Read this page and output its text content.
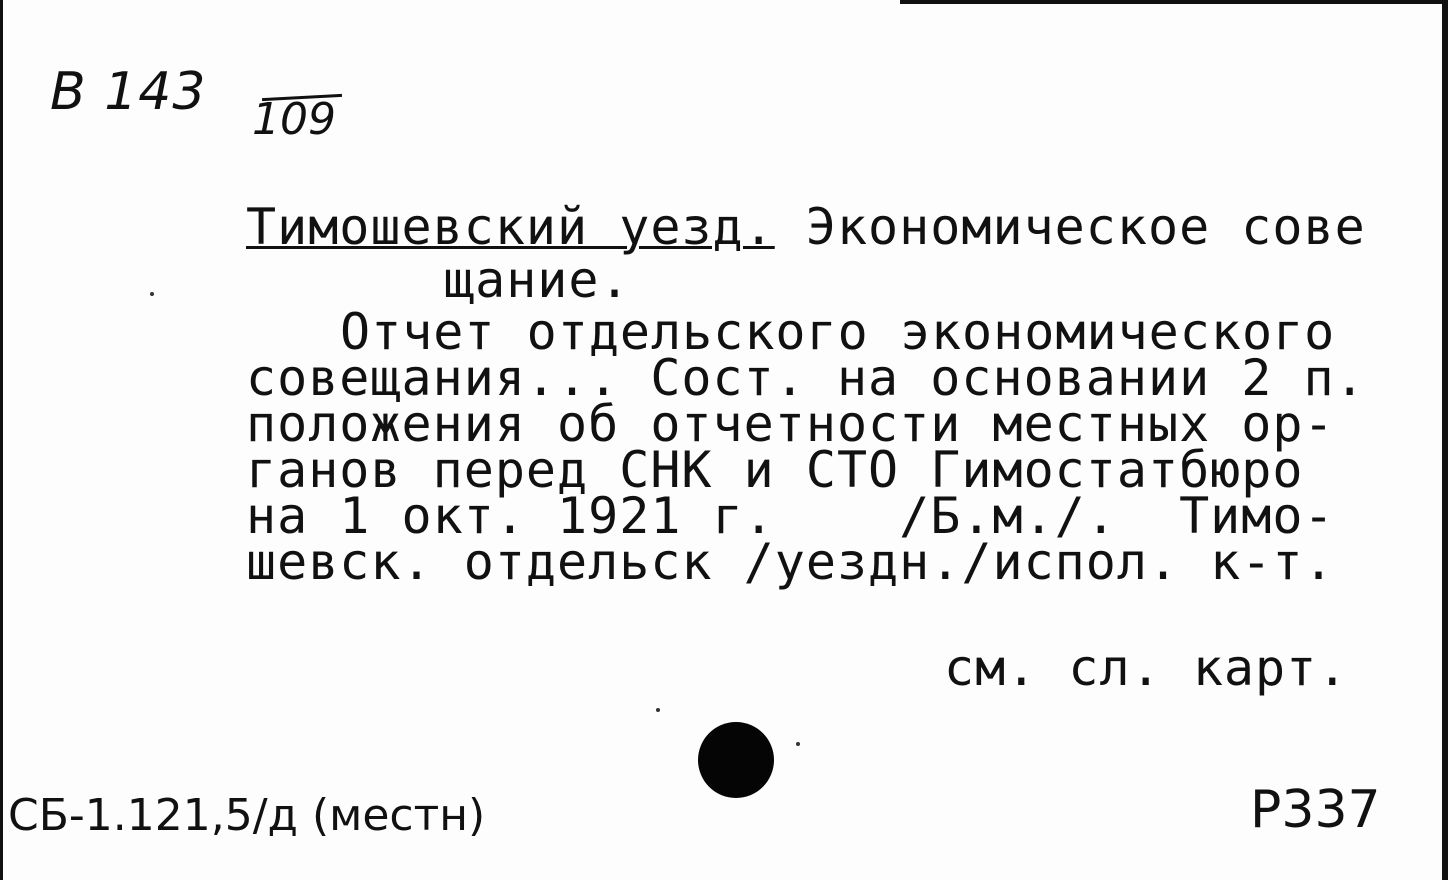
В 143 109
Тимошевский уезд. Экономическое сове
щание.
Отчет отдельского экономического
совещания... Сост. на основании 2 п.
положения об отчетности местных ор-
ганов перед СНК и СТО Гимостатбюро
на 1 окт. 1921 г.    /Б.м./.  Тимо-
шевск. отдельск /уездн./испол. к-т.
см. сл. карт.
СБ-1.121,5/д (местн)	Р337
